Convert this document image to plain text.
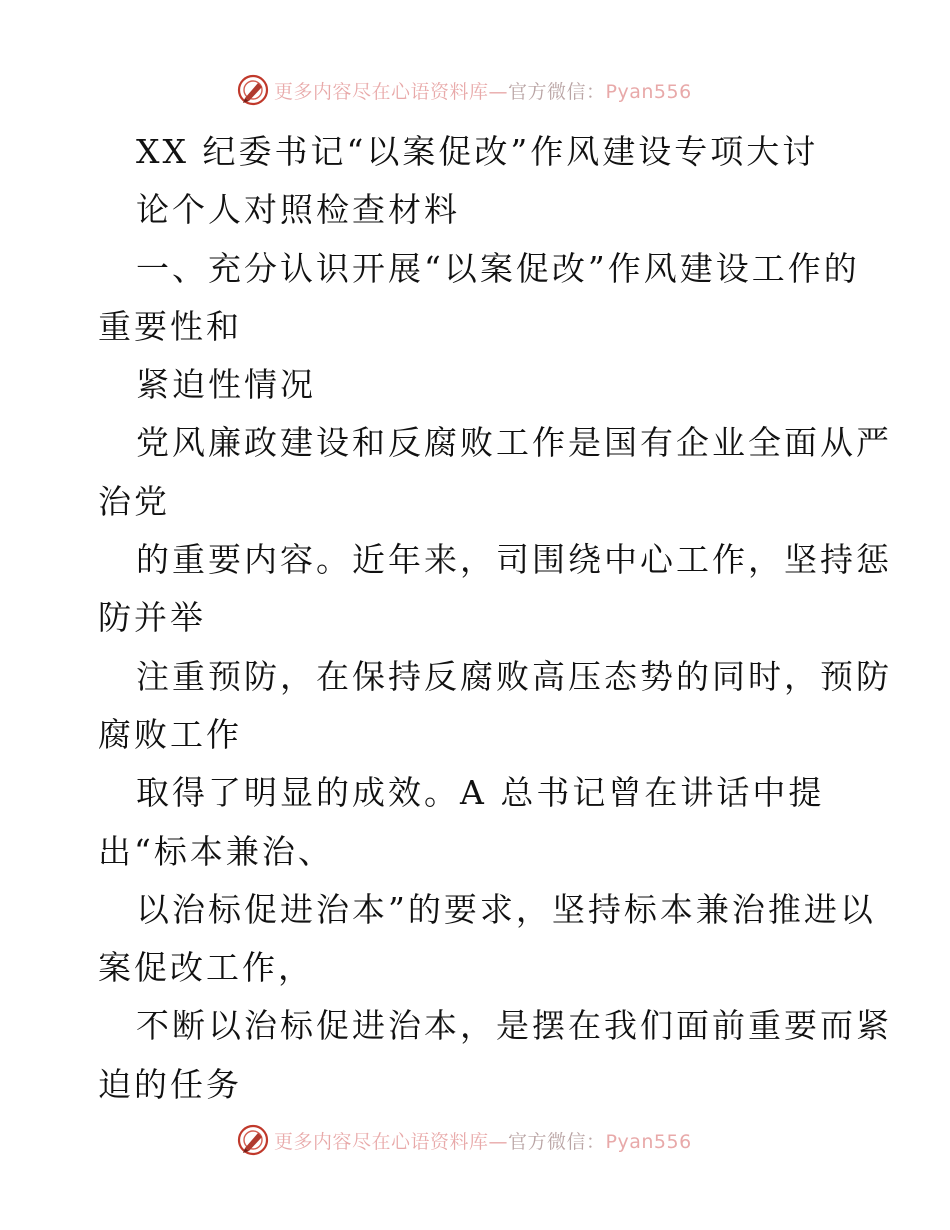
更多内容尽在心语资料库—官方微信：Pyan556
XX 纪委书记“以案促改”作风建设专项大讨
论个人对照检查材料
一、充分认识开展“以案促改”作风建设工作的
重要性和
紧迫性情况
党风廉政建设和反腐败工作是国有企业全面从严
治党
的重要内容。近年来，司围绕中心工作，坚持惩
防并举
注重预防，在保持反腐败高压态势的同时，预防
腐败工作
取得了明显的成效。A 总书记曾在讲话中提
出“标本兼治、
以治标促进治本”的要求，坚持标本兼治推进以
案促改工作，
不断以治标促进治本，是摆在我们面前重要而紧
迫的任务
更多内容尽在心语资料库—官方微信：Pyan556
